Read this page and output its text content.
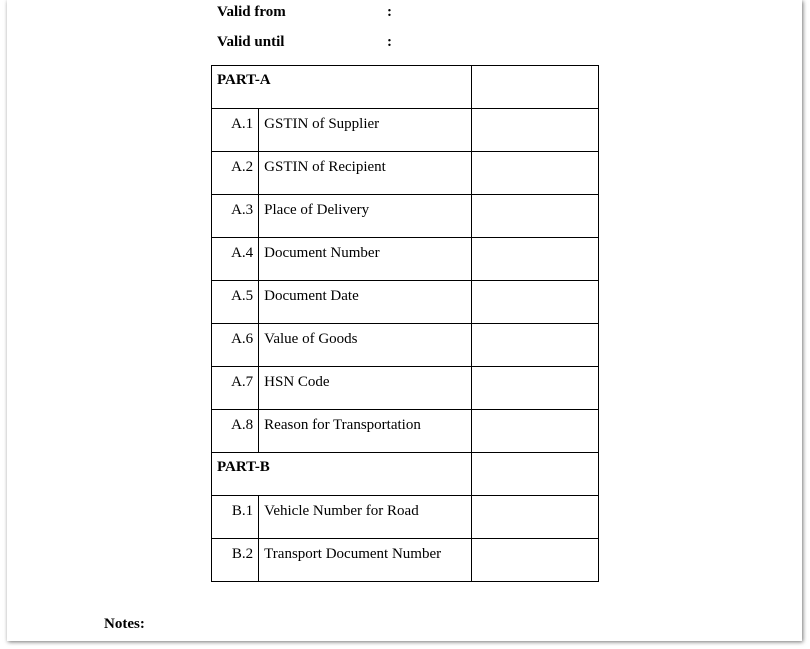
Valid from	:
Valid until	:
PART-A		
A.1	GSTIN of Supplier	
A.2	GSTIN of Recipient	
A.3	Place of Delivery	
A.4	Document Number	
A.5	Document Date	
A.6	Value of Goods	
A.7	HSN Code	
A.8	Reason for Transportation	
PART-B		
B.1	Vehicle Number for Road	
B.2	Transport Document Number	
Notes:
